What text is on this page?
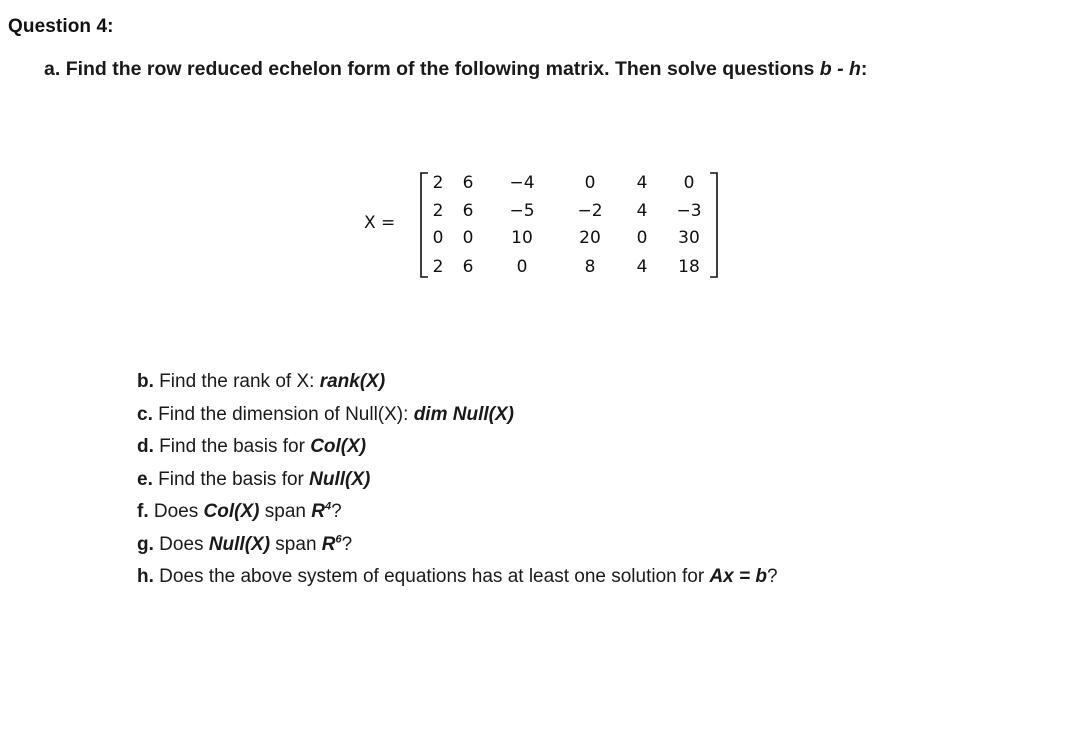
Question 4:
a. Find the row reduced echelon form of the following matrix. Then solve questions b - h:
X =
2	6	−4	0	4	0
2	6	−5	−2	4	−3
0	0	10	20	0	30
2	6	0	8	4	18
b. Find the rank of X: rank(X)
c. Find the dimension of Null(X): dim Null(X)
d. Find the basis for Col(X)
e. Find the basis for Null(X)
f. Does Col(X) span $R^4$?
g. Does Null(X) span $R^6$?
h. Does the above system of equations has at least one solution for Ax = b?
